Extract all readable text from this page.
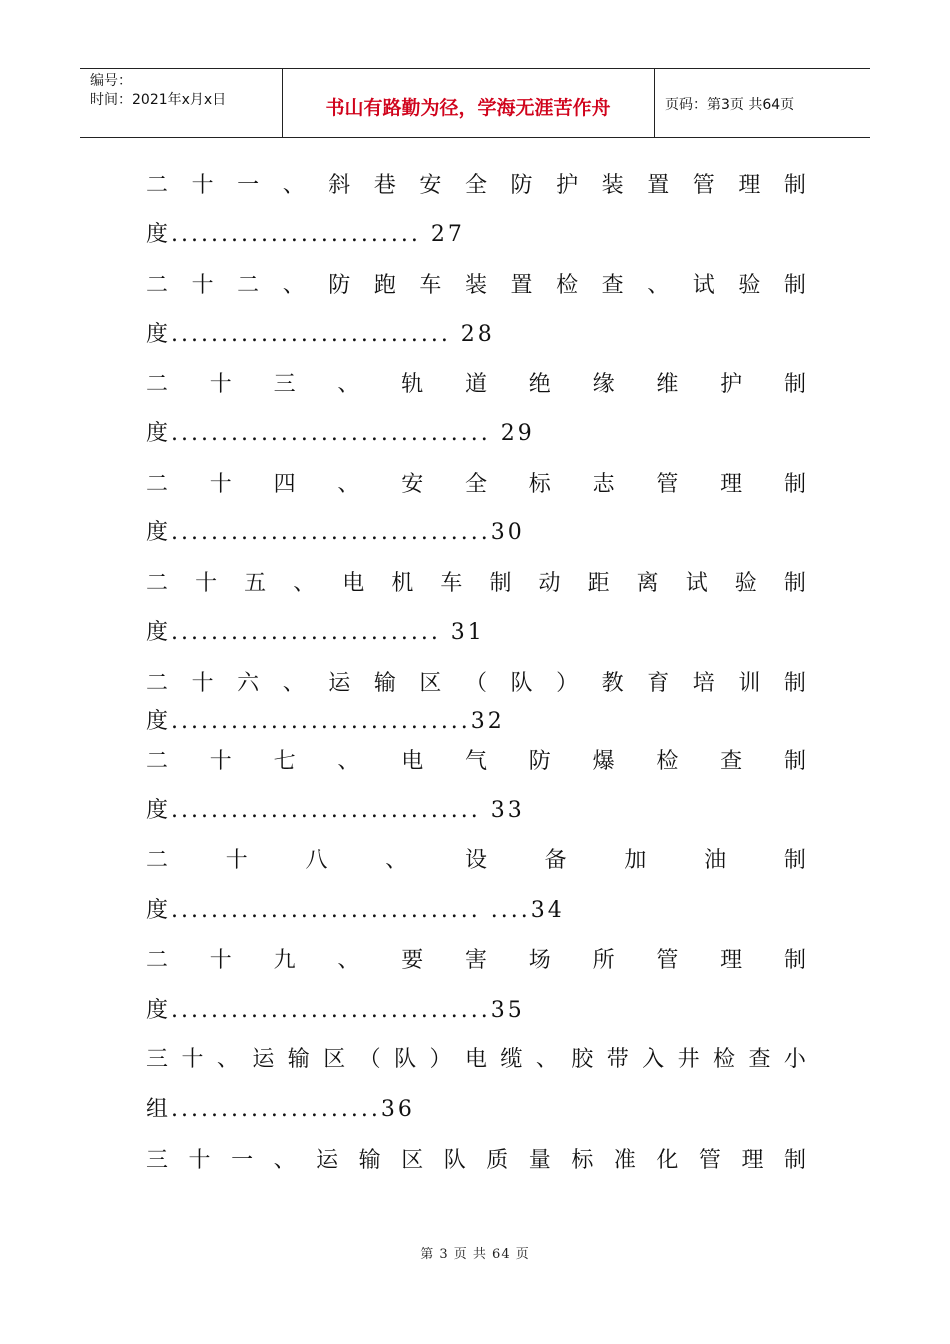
编号：
时间：2021年x月x日	书山有路勤为径，学海无涯苦作舟	页码：第3页 共64页
二 十 一 、 斜 巷 安 全 防 护 装 置 管 理 制
度......................... 27
二 十 二 、 防 跑 车 装 置 检 查 、 试 验 制
度............................ 28
二 十 三 、 轨 道 绝 缘 维 护 制
度................................ 29
二 十 四 、 安 全 标 志 管 理 制
度................................30
二 十 五 、 电 机 车 制 动 距 离 试 验 制
度........................... 31
二 十 六 、 运 输 区 （ 队 ） 教 育 培 训 制
度..............................32
二 十 七 、 电 气 防 爆 检 查 制
度............................... 33
二	十	八	、	设	备	加	油	制
度............................... ....34
二 十 九 、 要 害 场 所 管 理 制
度................................35
三 十 、 运 输 区 （ 队 ） 电 缆 、 胶 带 入 井 检 查 小
组.....................36
三 十 一 、 运 输 区 队 质 量 标 准 化 管 理 制
第 3 页 共 64 页
